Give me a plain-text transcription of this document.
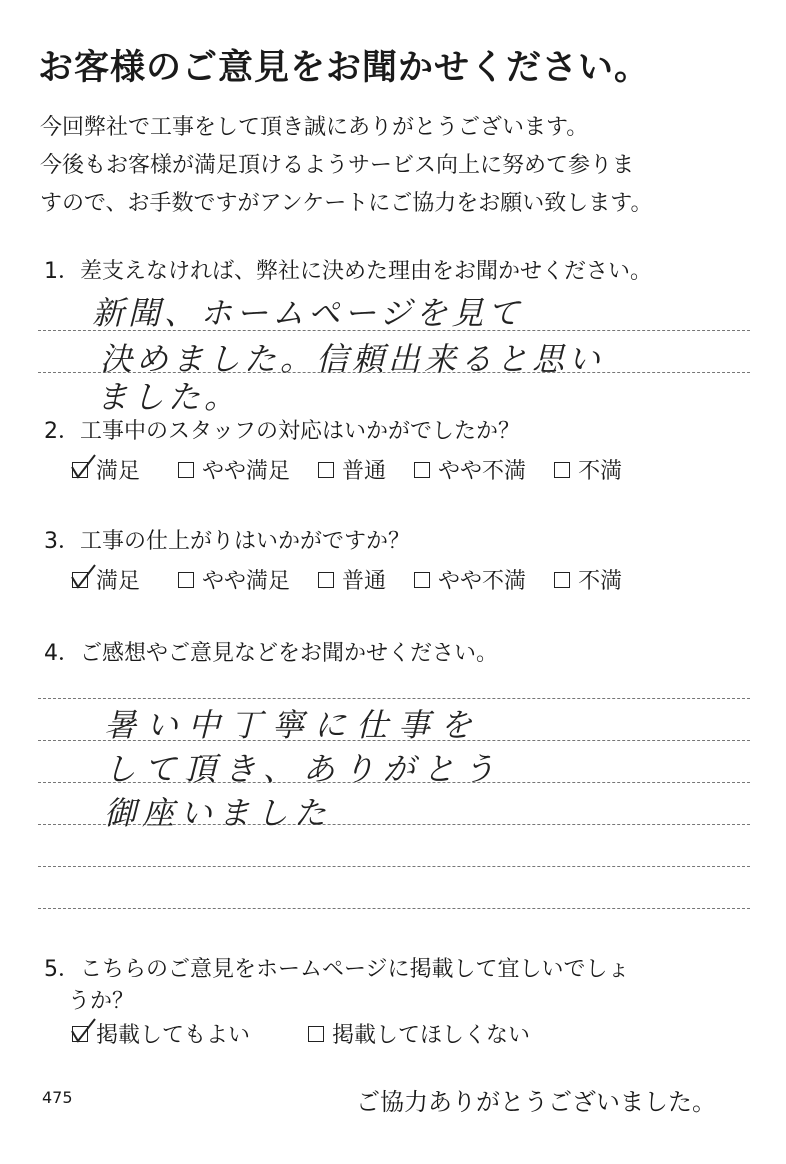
お客様のご意見をお聞かせください。
今回弊社で工事をして頂き誠にありがとうございます。
今後もお客様が満足頂けるようサービス向上に努めて参りま
すので、お手数ですがアンケートにご協力をお願い致します。
1．差支えなければ、弊社に決めた理由をお聞かせください。
新聞、ホームページを見て
決めました。信頼出来ると思い
ました。
2．工事中のスタッフの対応はいかがでしたか？
満足	やや満足 普通 やや不満 不満
3．工事の仕上がりはいかがですか？
満足	やや満足 普通 やや不満 不満
4．ご感想やご意見などをお聞かせください。
暑い中丁寧に仕事を
して頂き、ありがとう
御座いました
5．こちらのご意見をホームページに掲載して宜しいでしょ
うか？
掲載してもよい	掲載してほしくない
475	ご協力ありがとうございました。
